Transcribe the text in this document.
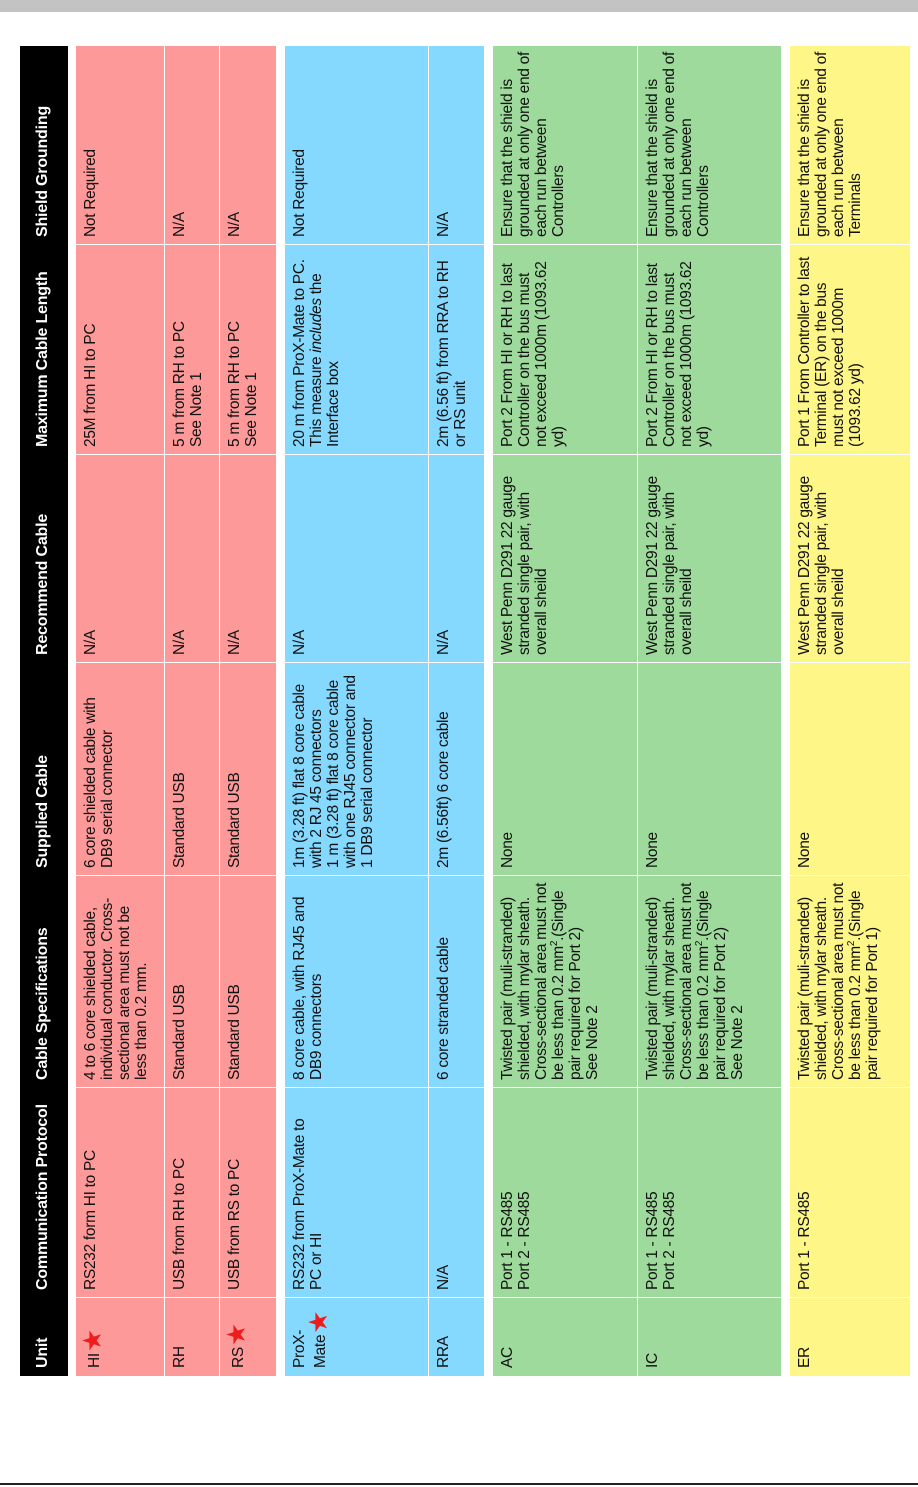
Unit
Communication Protocol
Cable Specifications
Supplied Cable
Recommend Cable
Maximum Cable Length
Shield Grounding
HI★
RS232 form HI to PC
4 to 6 core shielded cable, individual conductor. Cross-sectional area must not be less than 0.2 mm.
6 core shielded cable with DB9 serial connector
N/A
25M from HI to PC
Not Required
RH
USB from RH to PC
Standard USB
Standard USB
N/A
5 m from RH to PC
See Note 1
N/A
RS★
USB from RS to PC
Standard USB
Standard USB
N/A
5 m from RH to PC
See Note 1
N/A
ProX-
Mate★
RS232 from ProX-Mate to PC or HI
8 core cable, with RJ45 and DB9 connectors
1m (3.28 ft) flat 8 core cable with 2 RJ 45 connectors
1 m (3.28 ft) flat 8 core cable with one RJ45 connector and 1 DB9 serial connector
N/A
20 m from ProX-Mate to PC. This measure includes the Interface box
Not Required
RRA
N/A
6 core stranded cable
2m (6.56ft) 6 core cable
N/A
2m (6.56 ft) from RRA to RH or RS unit
N/A
AC
Port 1 - RS485
Port 2 - RS485
Twisted pair (muli-stranded) shielded, with mylar sheath. Cross-sectional area must not be less than 0.2 $mm^2.(Single$ pair required for Port 2)
See Note 2
None
West Penn D291 22 gauge stranded single pair, with overall sheild
Port 2 From HI or RH to last Controller on the bus must not exceed 1000m (1093.62 yd)
Ensure that the shield is grounded at only one end of each run between Controllers
IC
Port 1 - RS485
Port 2 - RS485
Twisted pair (muli-stranded) shielded, with mylar sheath. Cross-sectional area must not be less than 0.2 $mm^2.(Single$ pair required for Port 2)
See Note 2
None
West Penn D291 22 gauge stranded single pair, with overall sheild
Port 2 From HI or RH to last Controller on the bus must not exceed 1000m (1093.62 yd)
Ensure that the shield is grounded at only one end of each run between Controllers
ER
Port 1 - RS485
Twisted pair (muli-stranded) shielded, with mylar sheath. Cross-sectional area must not be less than 0.2 $mm^2.(Single$ pair required for Port 1)
None
West Penn D291 22 gauge stranded single pair, with overall sheild
Port 1 From Controller to last Terminal (ER) on the bus must not exceed 1000m (1093.62 yd)
Ensure that the shield is grounded at only one end of each run between Terminals
